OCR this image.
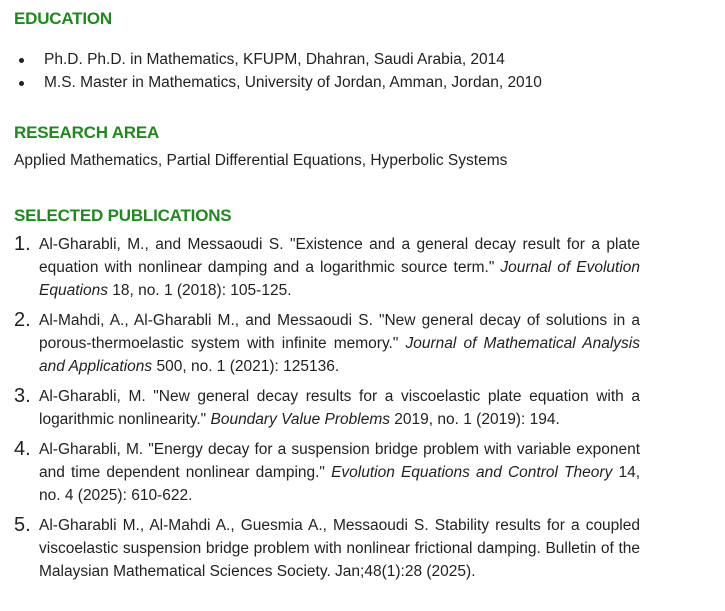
EDUCATION
Ph.D. Ph.D. in Mathematics, KFUPM, Dhahran, Saudi Arabia, 2014
M.S. Master in Mathematics, University of Jordan, Amman, Jordan, 2010
RESEARCH AREA
Applied Mathematics, Partial Differential Equations, Hyperbolic Systems
SELECTED PUBLICATIONS
1. Al-Gharabli, M., and Messaoudi S. "Existence and a general decay result for a plate equation with nonlinear damping and a logarithmic source term." Journal of Evolution Equations 18, no. 1 (2018): 105-125.
2. Al-Mahdi, A., Al-Gharabli M., and Messaoudi S. "New general decay of solutions in a porous-thermoelastic system with infinite memory." Journal of Mathematical Analysis and Applications 500, no. 1 (2021): 125136.
3. Al-Gharabli, M. "New general decay results for a viscoelastic plate equation with a logarithmic nonlinearity." Boundary Value Problems 2019, no. 1 (2019): 194.
4. Al-Gharabli, M. "Energy decay for a suspension bridge problem with variable exponent and time dependent nonlinear damping." Evolution Equations and Control Theory 14, no. 4 (2025): 610-622.
5. Al-Gharabli M., Al-Mahdi A., Guesmia A., Messaoudi S. Stability results for a coupled viscoelastic suspension bridge problem with nonlinear frictional damping. Bulletin of the Malaysian Mathematical Sciences Society. Jan;48(1):28 (2025).
